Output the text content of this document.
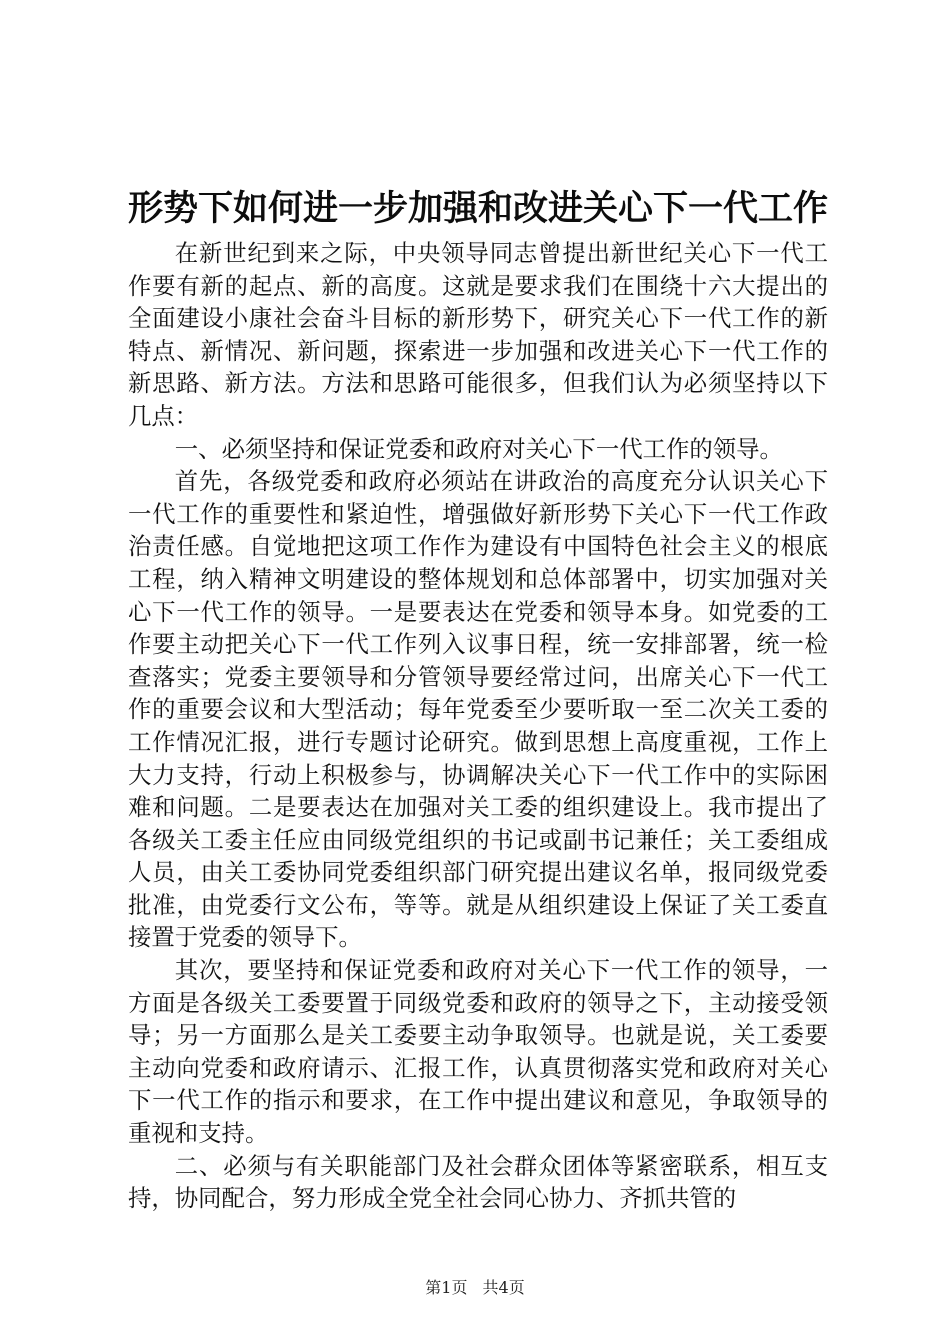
形势下如何进一步加强和改进关心下一代工作

在新世纪到来之际，中央领导同志曾提出新世纪关心下一代工作要有新的起点、新的高度。这就是要求我们在围绕十六大提出的全面建设小康社会奋斗目标的新形势下，研究关心下一代工作的新特点、新情况、新问题，探索进一步加强和改进关心下一代工作的新思路、新方法。方法和思路可能很多，但我们认为必须坚持以下几点：

一、必须坚持和保证党委和政府对关心下一代工作的领导。

首先，各级党委和政府必须站在讲政治的高度充分认识关心下一代工作的重要性和紧迫性，增强做好新形势下关心下一代工作政治责任感。自觉地把这项工作作为建设有中国特色社会主义的根底工程，纳入精神文明建设的整体规划和总体部署中，切实加强对关心下一代工作的领导。一是要表达在党委和领导本身。如党委的工作要主动把关心下一代工作列入议事日程，统一安排部署，统一检查落实；党委主要领导和分管领导要经常过问，出席关心下一代工作的重要会议和大型活动；每年党委至少要听取一至二次关工委的工作情况汇报，进行专题讨论研究。做到思想上高度重视，工作上大力支持，行动上积极参与，协调解决关心下一代工作中的实际困难和问题。二是要表达在加强对关工委的组织建设上。我市提出了各级关工委主任应由同级党组织的书记或副书记兼任；关工委组成人员，由关工委协同党委组织部门研究提出建议名单，报同级党委批准，由党委行文公布，等等。就是从组织建设上保证了关工委直接置于党委的领导下。

其次，要坚持和保证党委和政府对关心下一代工作的领导，一方面是各级关工委要置于同级党委和政府的领导之下，主动接受领导；另一方面那么是关工委要主动争取领导。也就是说，关工委要主动向党委和政府请示、汇报工作，认真贯彻落实党和政府对关心下一代工作的指示和要求，在工作中提出建议和意见，争取领导的重视和支持。

二、必须与有关职能部门及社会群众团体等紧密联系，相互支持，协同配合，努力形成全党全社会同心协力、齐抓共管的

第1页 共4页
